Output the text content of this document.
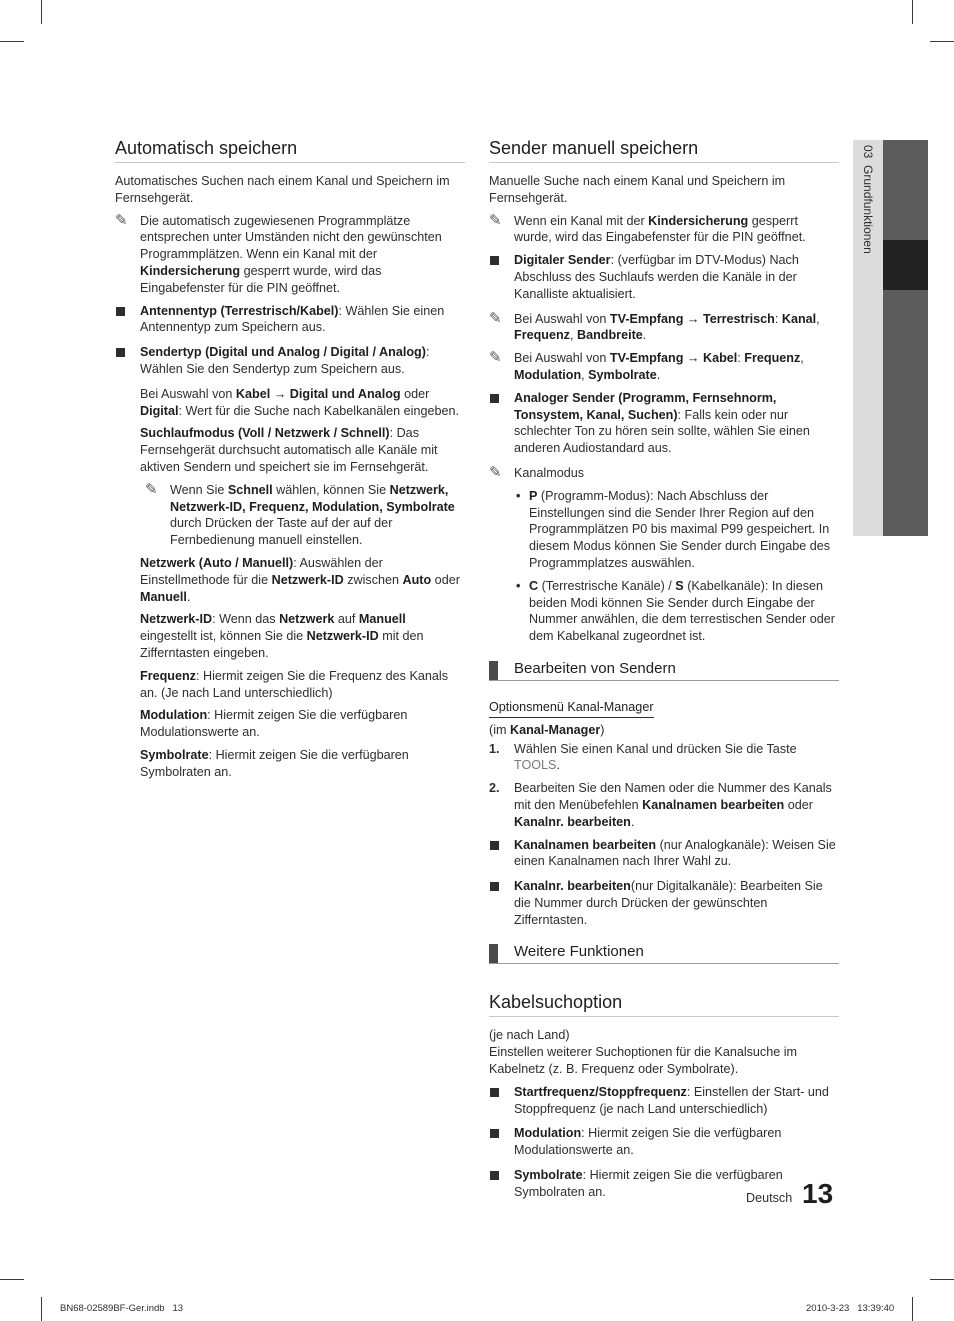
03  Grundfunktionen
Automatisch speichern

Automatisches Suchen nach einem Kanal und Speichern im Fernsehgerät.

✎ Die automatisch zugewiesenen Programmplätze entsprechen unter Umständen nicht den gewünschten Programmplätzen. Wenn ein Kanal mit der Kindersicherung gesperrt wurde, wird das Eingabefenster für die PIN geöffnet.
Antennentyp (Terrestrisch/Kabel): Wählen Sie einen Antennentyp zum Speichern aus.
Sendertyp (Digital und Analog / Digital / Analog): Wählen Sie den Sendertyp zum Speichern aus.

Bei Auswahl von Kabel → Digital und Analog oder Digital: Wert für die Suche nach Kabelkanälen eingeben.

Suchlaufmodus (Voll / Netzwerk / Schnell): Das Fernsehgerät durchsucht automatisch alle Kanäle mit aktiven Sendern und speichert sie im Fernsehgerät.

✎ Wenn Sie Schnell wählen, können Sie Netzwerk, Netzwerk-ID, Frequenz, Modulation, Symbolrate durch Drücken der Taste auf der auf der Fernbedienung manuell einstellen.

Netzwerk (Auto / Manuell): Auswählen der Einstellmethode für die Netzwerk-ID zwischen Auto oder Manuell.

Netzwerk-ID: Wenn das Netzwerk auf Manuell eingestellt ist, können Sie die Netzwerk-ID mit den Zifferntasten eingeben.

Frequenz: Hiermit zeigen Sie die Frequenz des Kanals an. (Je nach Land unterschiedlich)

Modulation: Hiermit zeigen Sie die verfügbaren Modulationswerte an.

Symbolrate: Hiermit zeigen Sie die verfügbaren Symbolraten an.

Sender manuell speichern

Manuelle Suche nach einem Kanal und Speichern im Fernsehgerät.

✎ Wenn ein Kanal mit der Kindersicherung gesperrt wurde, wird das Eingabefenster für die PIN geöffnet.
Digitaler Sender: (verfügbar im DTV-Modus) Nach Abschluss des Suchlaufs werden die Kanäle in der Kanalliste aktualisiert.
✎ Bei Auswahl von TV-Empfang → Terrestrisch: Kanal, Frequenz, Bandbreite.
✎ Bei Auswahl von TV-Empfang → Kabel: Frequenz, Modulation, Symbolrate.
Analoger Sender (Programm, Fernsehnorm, Tonsystem, Kanal, Suchen): Falls kein oder nur schlechter Ton zu hören sein sollte, wählen Sie einen anderen Audiostandard aus.
✎ Kanalmodus
• P (Programm-Modus): Nach Abschluss der Einstellungen sind die Sender Ihrer Region auf den Programmplätzen P0 bis maximal P99 gespeichert. In diesem Modus können Sie Sender durch Eingabe des Programmplatzes auswählen.
• C (Terrestrische Kanäle) / S (Kabelkanäle): In diesen beiden Modi können Sie Sender durch Eingabe der Nummer anwählen, die dem terrestischen Sender oder dem Kabelkanal zugeordnet ist.
Bearbeiten von Sendern
Optionsmenü Kanal-Manager

(im Kanal-Manager)

1. Wählen Sie einen Kanal und drücken Sie die Taste TOOLS.
2. Bearbeiten Sie den Namen oder die Nummer des Kanals mit den Menübefehlen Kanalnamen bearbeiten oder Kanalnr. bearbeiten.
Kanalnamen bearbeiten (nur Analogkanäle): Weisen Sie einen Kanalnamen nach Ihrer Wahl zu.
Kanalnr. bearbeiten(nur Digitalkanäle): Bearbeiten Sie die Nummer durch Drücken der gewünschten Zifferntasten.
Weitere Funktionen
Kabelsuchoption

(je nach Land)

Einstellen weiterer Suchoptionen für die Kanalsuche im Kabelnetz (z. B. Frequenz oder Symbolrate).

Startfrequenz/Stoppfrequenz: Einstellen der Start- und Stoppfrequenz (je nach Land unterschiedlich)
Modulation: Hiermit zeigen Sie die verfügbaren Modulationswerte an.
Symbolrate: Hiermit zeigen Sie die verfügbaren Symbolraten an.	Deutsch 13
BN68-02589BF-Ger.indb   13	2010-3-23   13:39:40
